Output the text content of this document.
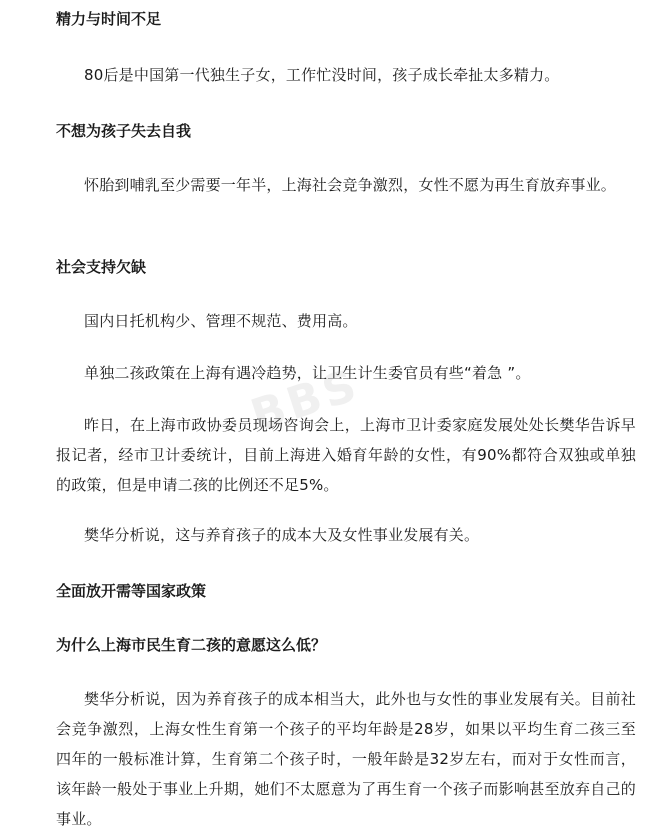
精力与时间不足

80后是中国第一代独生子女，工作忙没时间，孩子成长牵扯太多精力。

不想为孩子失去自我

怀胎到哺乳至少需要一年半，上海社会竞争激烈，女性不愿为再生育放弃事业。

社会支持欠缺

国内日托机构少、管理不规范、费用高。

单独二孩政策在上海有遇冷趋势，让卫生计生委官员有些“着急 ”。

昨日，在上海市政协委员现场咨询会上，上海市卫计委家庭发展处处长樊华告诉早报记者，经市卫计委统计，目前上海进入婚育年龄的女性，有90%都符合双独或单独的政策，但是申请二孩的比例还不足5%。

樊华分析说，这与养育孩子的成本大及女性事业发展有关。

全面放开需等国家政策

为什么上海市民生育二孩的意愿这么低？

樊华分析说，因为养育孩子的成本相当大，此外也与女性的事业发展有关。目前社会竞争激烈，上海女性生育第一个孩子的平均年龄是28岁，如果以平均生育二孩三至四年的一般标准计算，生育第二个孩子时，一般年龄是32岁左右，而对于女性而言，该年龄一般处于事业上升期，她们不太愿意为了再生育一个孩子而影响甚至放弃自己的事业。

BBS
